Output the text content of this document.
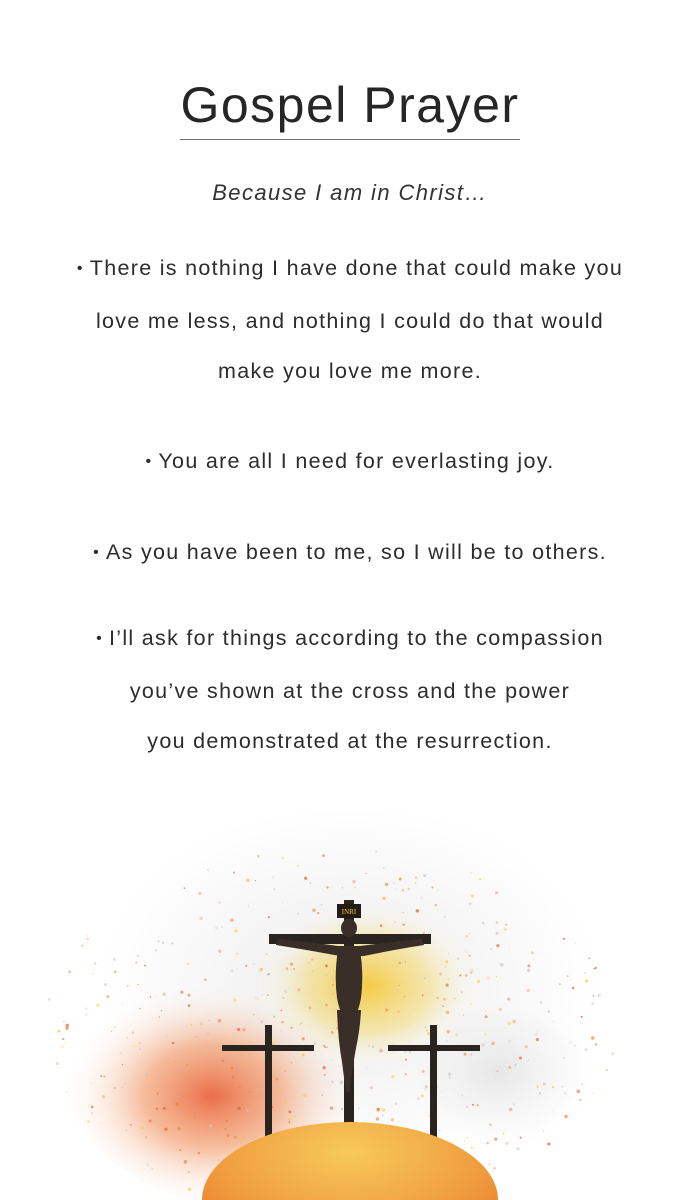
Gospel Prayer
Because I am in Christ…
• There is nothing I have done that could make you
love me less, and nothing I could do that would
make you love me more.
• You are all I need for everlasting joy.
• As you have been to me, so I will be to others.
• I’ll ask for things according to the compassion
you’ve shown at the cross and the power
you demonstrated at the resurrection.
INRI
